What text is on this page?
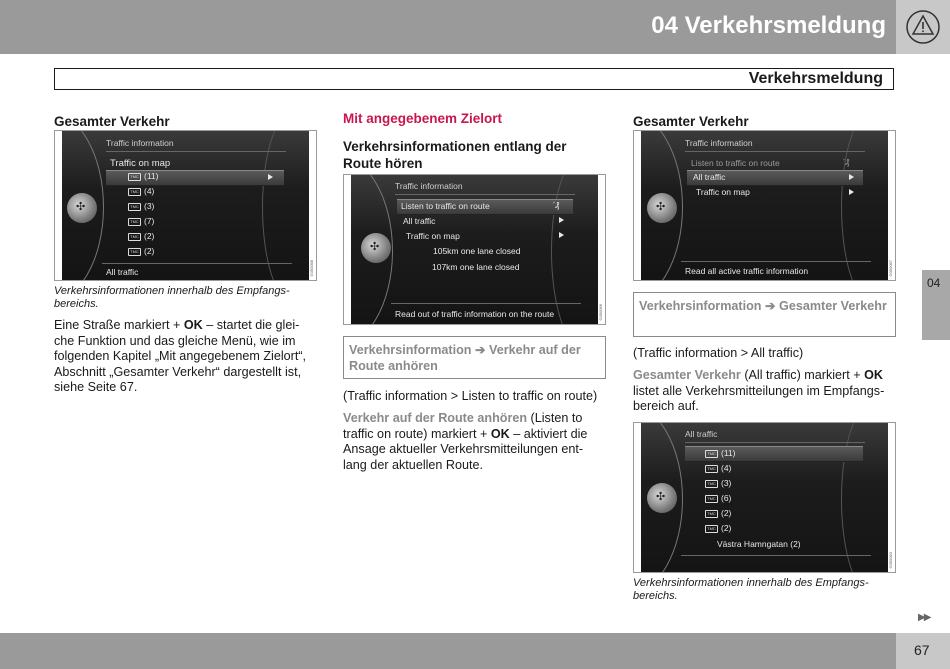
04 Verkehrsmeldung
Verkehrsmeldung
04
▶▶
67
Gesamter Verkehr
✣
Traffic information
Traffic on map
TMC (11)
TMC (4)
TMC (3)
TMC (7)
TMC (2)
TMC (2)
All traffic	G050068
Verkehrsinformationen innerhalb des Empfangs-bereichs.
Eine Straße markiert + OK – startet die glei-che Funktion und das gleiche Menü, wie im folgenden Kapitel „Mit angegebenem Zielort“, Abschnitt „Gesamter Verkehr“ dargestellt ist, siehe Seite 67.
Mit angegebenem Zielort
Verkehrsinformationen entlang der Route hören
✣
Traffic information
Listen to traffic on route	ʼ₰
All traffic
Traffic on map
105km one lane closed
107km one lane closed
Read out of traffic information on the route	G050066
Verkehrsinformation ➔ Verkehr auf der Route anhören
(Traffic information > Listen to traffic on route)
Verkehr auf der Route anhören (Listen to traffic on route) markiert + OK – aktiviert die Ansage aktueller Verkehrsmitteilungen ent-lang der aktuellen Route.
Gesamter Verkehr
✣
Traffic information
Listen to traffic on route	ʼ₰
All traffic
Traffic on map
Read all active traffic information	G050067
Verkehrsinformation ➔ Gesamter Verkehr
(Traffic information > All traffic)
Gesamter Verkehr (All traffic) markiert + OK listet alle Verkehrsmitteilungen im Empfangs-bereich auf.
✣
All traffic
TMC (11)
TMC (4)
TMC (3)
TMC (6)
TMC (2)
TMC (2)
Västra Hamngatan (2)
G050063
Verkehrsinformationen innerhalb des Empfangs-bereichs.
